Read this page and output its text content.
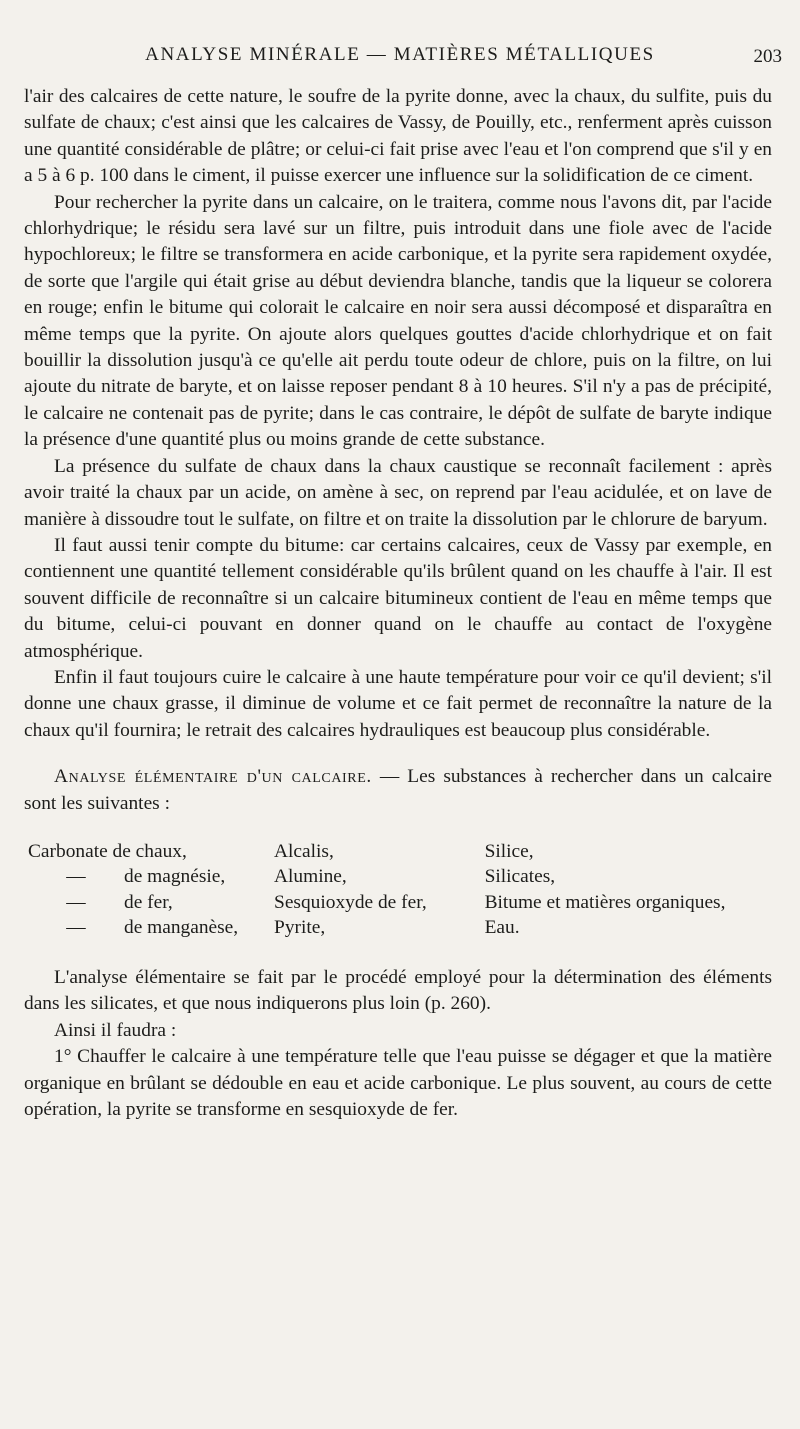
ANALYSE MINÉRALE — MATIÈRES MÉTALLIQUES	203

l'air des calcaires de cette nature, le soufre de la pyrite donne, avec la chaux, du sulfite, puis du sulfate de chaux; c'est ainsi que les calcaires de Vassy, de Pouilly, etc., renferment après cuisson une quantité considérable de plâtre; or celui-ci fait prise avec l'eau et l'on comprend que s'il y en a 5 à 6 p. 100 dans le ciment, il puisse exercer une influence sur la solidification de ce ciment.

Pour rechercher la pyrite dans un calcaire, on le traitera, comme nous l'avons dit, par l'acide chlorhydrique; le résidu sera lavé sur un filtre, puis introduit dans une fiole avec de l'acide hypochloreux; le filtre se transformera en acide carbonique, et la pyrite sera rapidement oxydée, de sorte que l'argile qui était grise au début deviendra blanche, tandis que la liqueur se colorera en rouge; enfin le bitume qui colorait le calcaire en noir sera aussi décomposé et disparaîtra en même temps que la pyrite. On ajoute alors quelques gouttes d'acide chlorhydrique et on fait bouillir la dissolution jusqu'à ce qu'elle ait perdu toute odeur de chlore, puis on la filtre, on lui ajoute du nitrate de baryte, et on laisse reposer pendant 8 à 10 heures. S'il n'y a pas de précipité, le calcaire ne contenait pas de pyrite; dans le cas contraire, le dépôt de sulfate de baryte indique la présence d'une quantité plus ou moins grande de cette substance.

La présence du sulfate de chaux dans la chaux caustique se reconnaît facilement : après avoir traité la chaux par un acide, on amène à sec, on reprend par l'eau acidulée, et on lave de manière à dissoudre tout le sulfate, on filtre et on traite la dissolution par le chlorure de baryum.

Il faut aussi tenir compte du bitume: car certains calcaires, ceux de Vassy par exemple, en contiennent une quantité tellement considérable qu'ils brûlent quand on les chauffe à l'air. Il est souvent difficile de reconnaître si un calcaire bitumineux contient de l'eau en même temps que du bitume, celui-ci pouvant en donner quand on le chauffe au contact de l'oxygène atmosphérique.

Enfin il faut toujours cuire le calcaire à une haute température pour voir ce qu'il devient; s'il donne une chaux grasse, il diminue de volume et ce fait permet de reconnaître la nature de la chaux qu'il fournira; le retrait des calcaires hydrauliques est beaucoup plus considérable.

Analyse élémentaire d'un calcaire. — Les substances à rechercher dans un calcaire sont les suivantes :

Carbonate de chaux,	Alcalis,	Silice,
— de magnésie,	Alumine,	Silicates,
— de fer,	Sesquioxyde de fer,	Bitume et matières organiques,
— de manganèse,	Pyrite,	Eau.

L'analyse élémentaire se fait par le procédé employé pour la détermination des éléments dans les silicates, et que nous indiquerons plus loin (p. 260).

Ainsi il faudra :

1° Chauffer le calcaire à une température telle que l'eau puisse se dégager et que la matière organique en brûlant se dédouble en eau et acide carbonique. Le plus souvent, au cours de cette opération, la pyrite se transforme en sesquioxyde de fer.
